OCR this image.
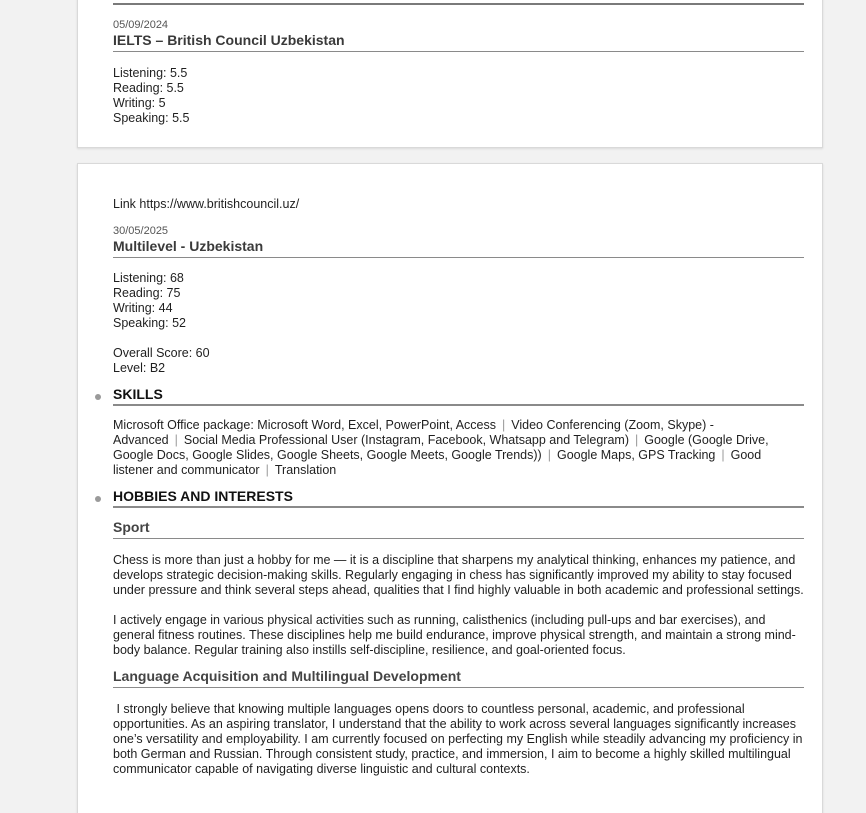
05/09/2024
IELTS – British Council Uzbekistan
Listening: 5.5
Reading: 5.5
Writing: 5
Speaking: 5.5
Link https://www.britishcouncil.uz/
30/05/2025
Multilevel - Uzbekistan
Listening: 68
Reading: 75
Writing: 44
Speaking: 52
Overall Score: 60
Level: B2
SKILLS
Microsoft Office package: Microsoft Word, Excel, PowerPoint, Access | Video Conferencing (Zoom, Skype) - Advanced | Social Media Professional User (Instagram, Facebook, Whatsapp and Telegram) | Google (Google Drive, Google Docs, Google Slides, Google Sheets, Google Meets, Google Trends)) | Google Maps, GPS Tracking | Good listener and communicator | Translation
HOBBIES AND INTERESTS
Sport

Chess is more than just a hobby for me — it is a discipline that sharpens my analytical thinking, enhances my patience, and develops strategic decision-making skills. Regularly engaging in chess has significantly improved my ability to stay focused under pressure and think several steps ahead, qualities that I find highly valuable in both academic and professional settings.

I actively engage in various physical activities such as running, calisthenics (including pull-ups and bar exercises), and general fitness routines. These disciplines help me build endurance, improve physical strength, and maintain a strong mind-body balance. Regular training also instills self-discipline, resilience, and goal-oriented focus.

Language Acquisition and Multilingual Development

I strongly believe that knowing multiple languages opens doors to countless personal, academic, and professional opportunities. As an aspiring translator, I understand that the ability to work across several languages significantly increases one’s versatility and employability. I am currently focused on perfecting my English while steadily advancing my proficiency in both German and Russian. Through consistent study, practice, and immersion, I aim to become a highly skilled multilingual communicator capable of navigating diverse linguistic and cultural contexts.
